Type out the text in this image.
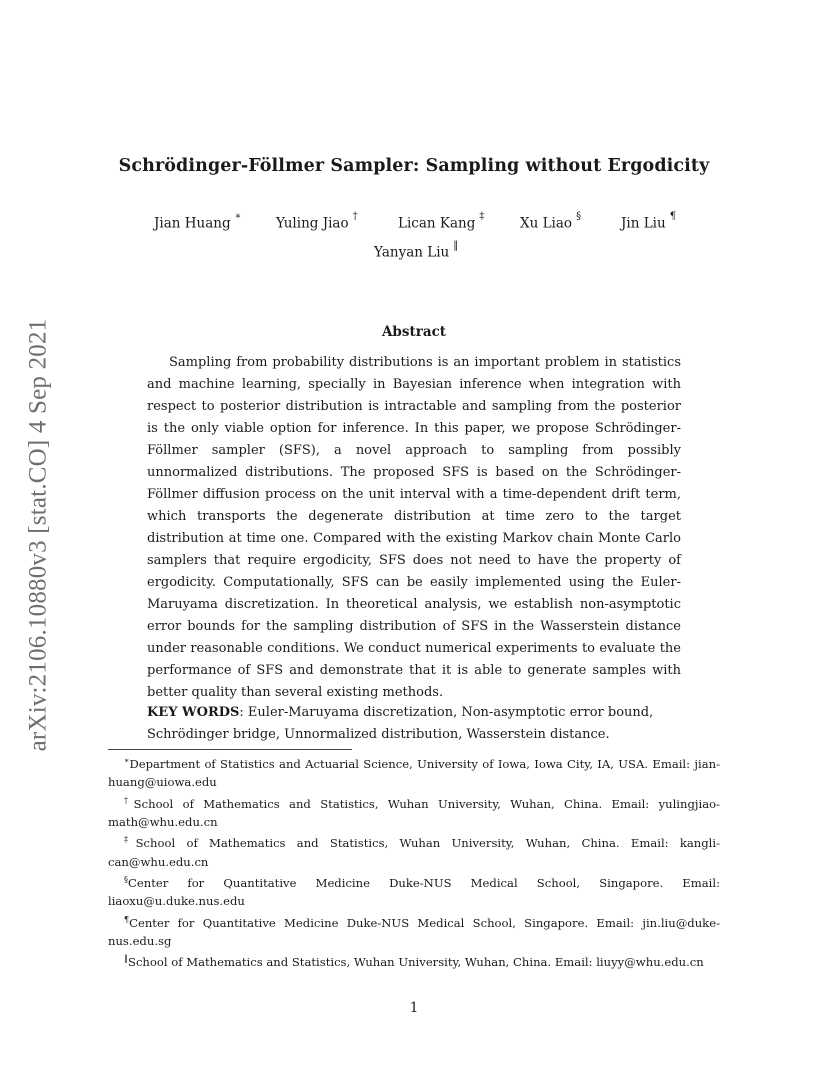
arXiv:2106.10880v3 [stat.CO] 4 Sep 2021
Schrödinger-Föllmer Sampler: Sampling without Ergodicity
Jian Huang ∗	Yuling Jiao †	Lican Kang ‡	Xu Liao §	Jin Liu ¶
Yanyan Liu ‖
Abstract

Sampling from probability distributions is an important problem in statistics and machine learning, specially in Bayesian inference when integration with respect to posterior distribution is intractable and sampling from the posterior is the only viable option for inference. In this paper, we propose Schrödinger-Föllmer sampler (SFS), a novel approach to sampling from possibly unnormalized distributions. The proposed SFS is based on the Schrödinger-Föllmer diffusion process on the unit interval with a time-dependent drift term, which transports the degenerate distribution at time zero to the target distribution at time one. Compared with the existing Markov chain Monte Carlo samplers that require ergodicity, SFS does not need to have the property of ergodicity. Computationally, SFS can be easily implemented using the Euler-Maruyama discretization. In theoretical analysis, we establish non-asymptotic error bounds for the sampling distribution of SFS in the Wasserstein distance under reasonable conditions. We conduct numerical experiments to evaluate the performance of SFS and demonstrate that it is able to generate samples with better quality than several existing methods.

KEY WORDS: Euler-Maruyama discretization, Non-asymptotic error bound, Schrödinger bridge, Unnormalized distribution, Wasserstein distance.

∗Department of Statistics and Actuarial Science, University of Iowa, Iowa City, IA, USA. Email: jian-huang@uiowa.edu

†School of Mathematics and Statistics, Wuhan University, Wuhan, China. Email: yulingjiao-math@whu.edu.cn

‡School of Mathematics and Statistics, Wuhan University, Wuhan, China. Email: kangli-can@whu.edu.cn

§Center for Quantitative Medicine Duke-NUS Medical School, Singapore. Email: liaoxu@u.duke.nus.edu

¶Center for Quantitative Medicine Duke-NUS Medical School, Singapore. Email: jin.liu@duke-nus.edu.sg

‖School of Mathematics and Statistics, Wuhan University, Wuhan, China. Email: liuyy@whu.edu.cn

1
